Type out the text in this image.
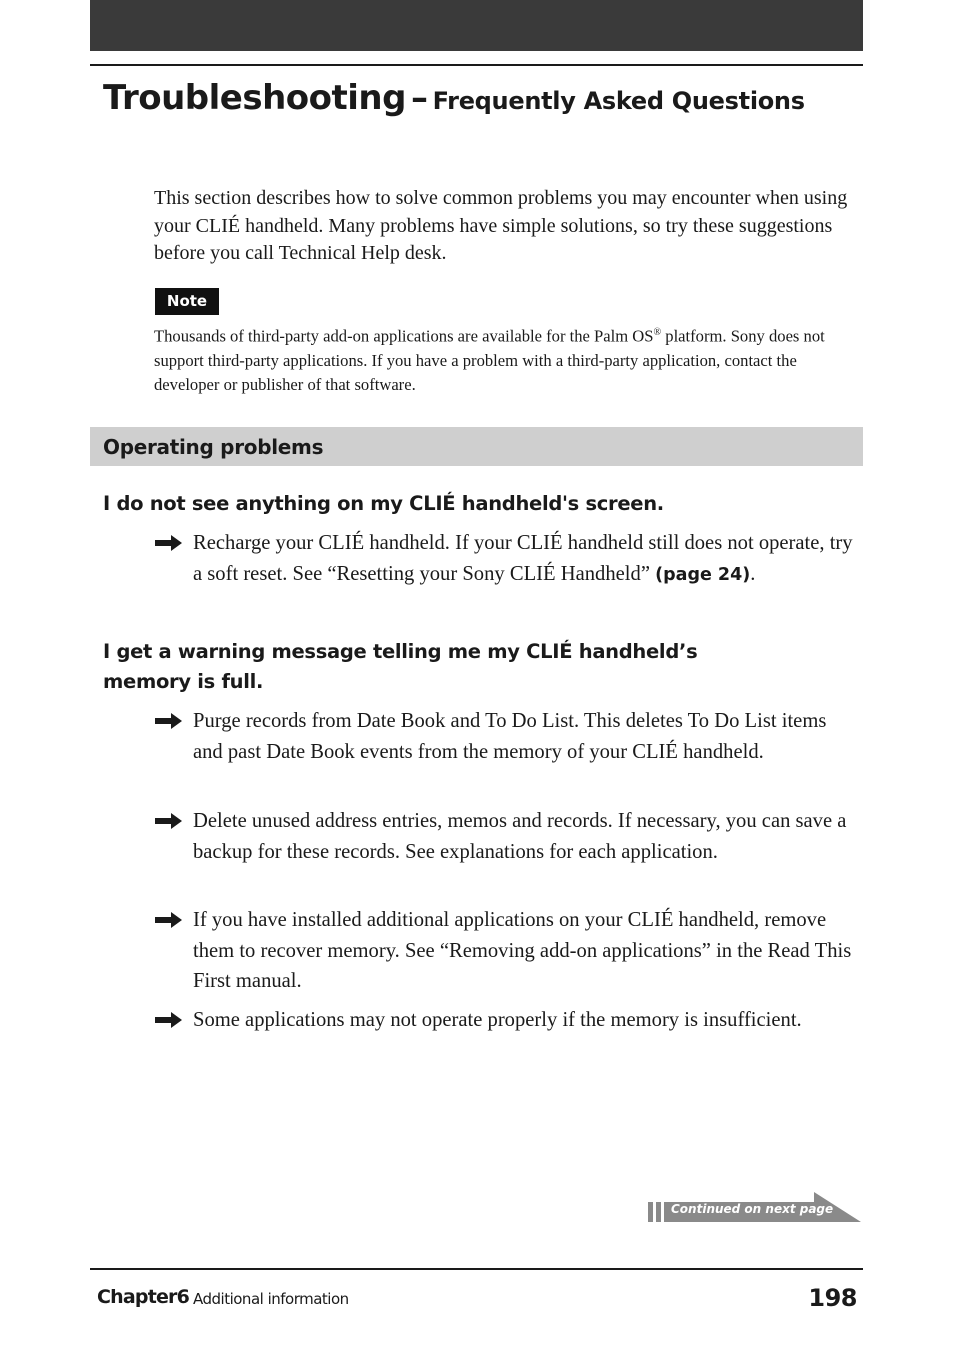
Troubleshooting – Frequently Asked Questions
This section describes how to solve common problems you may encounter when using your CLIÉ handheld. Many problems have simple solutions, so try these suggestions before you call Technical Help desk.
Note
Thousands of third-party add-on applications are available for the Palm OS® platform. Sony does not support third-party applications. If you have a problem with a third-party application, contact the developer or publisher of that software.
Operating problems
I do not see anything on my CLIÉ handheld's screen.
Recharge your CLIÉ handheld. If your CLIÉ handheld still does not operate, try a soft reset. See “Resetting your Sony CLIÉ Handheld” (page 24).
I get a warning message telling me my CLIÉ handheld’s
memory is full.
Purge records from Date Book and To Do List. This deletes To Do List items and past Date Book events from the memory of your CLIÉ handheld.
Delete unused address entries, memos and records. If necessary, you can save a backup for these records. See explanations for each application.
If you have installed additional applications on your CLIÉ handheld, remove them to recover memory. See “Removing add-on applications” in the Read This First manual.
Some applications may not operate properly if the memory is insufficient.
Continued on next page
Chapter6 Additional information	198
